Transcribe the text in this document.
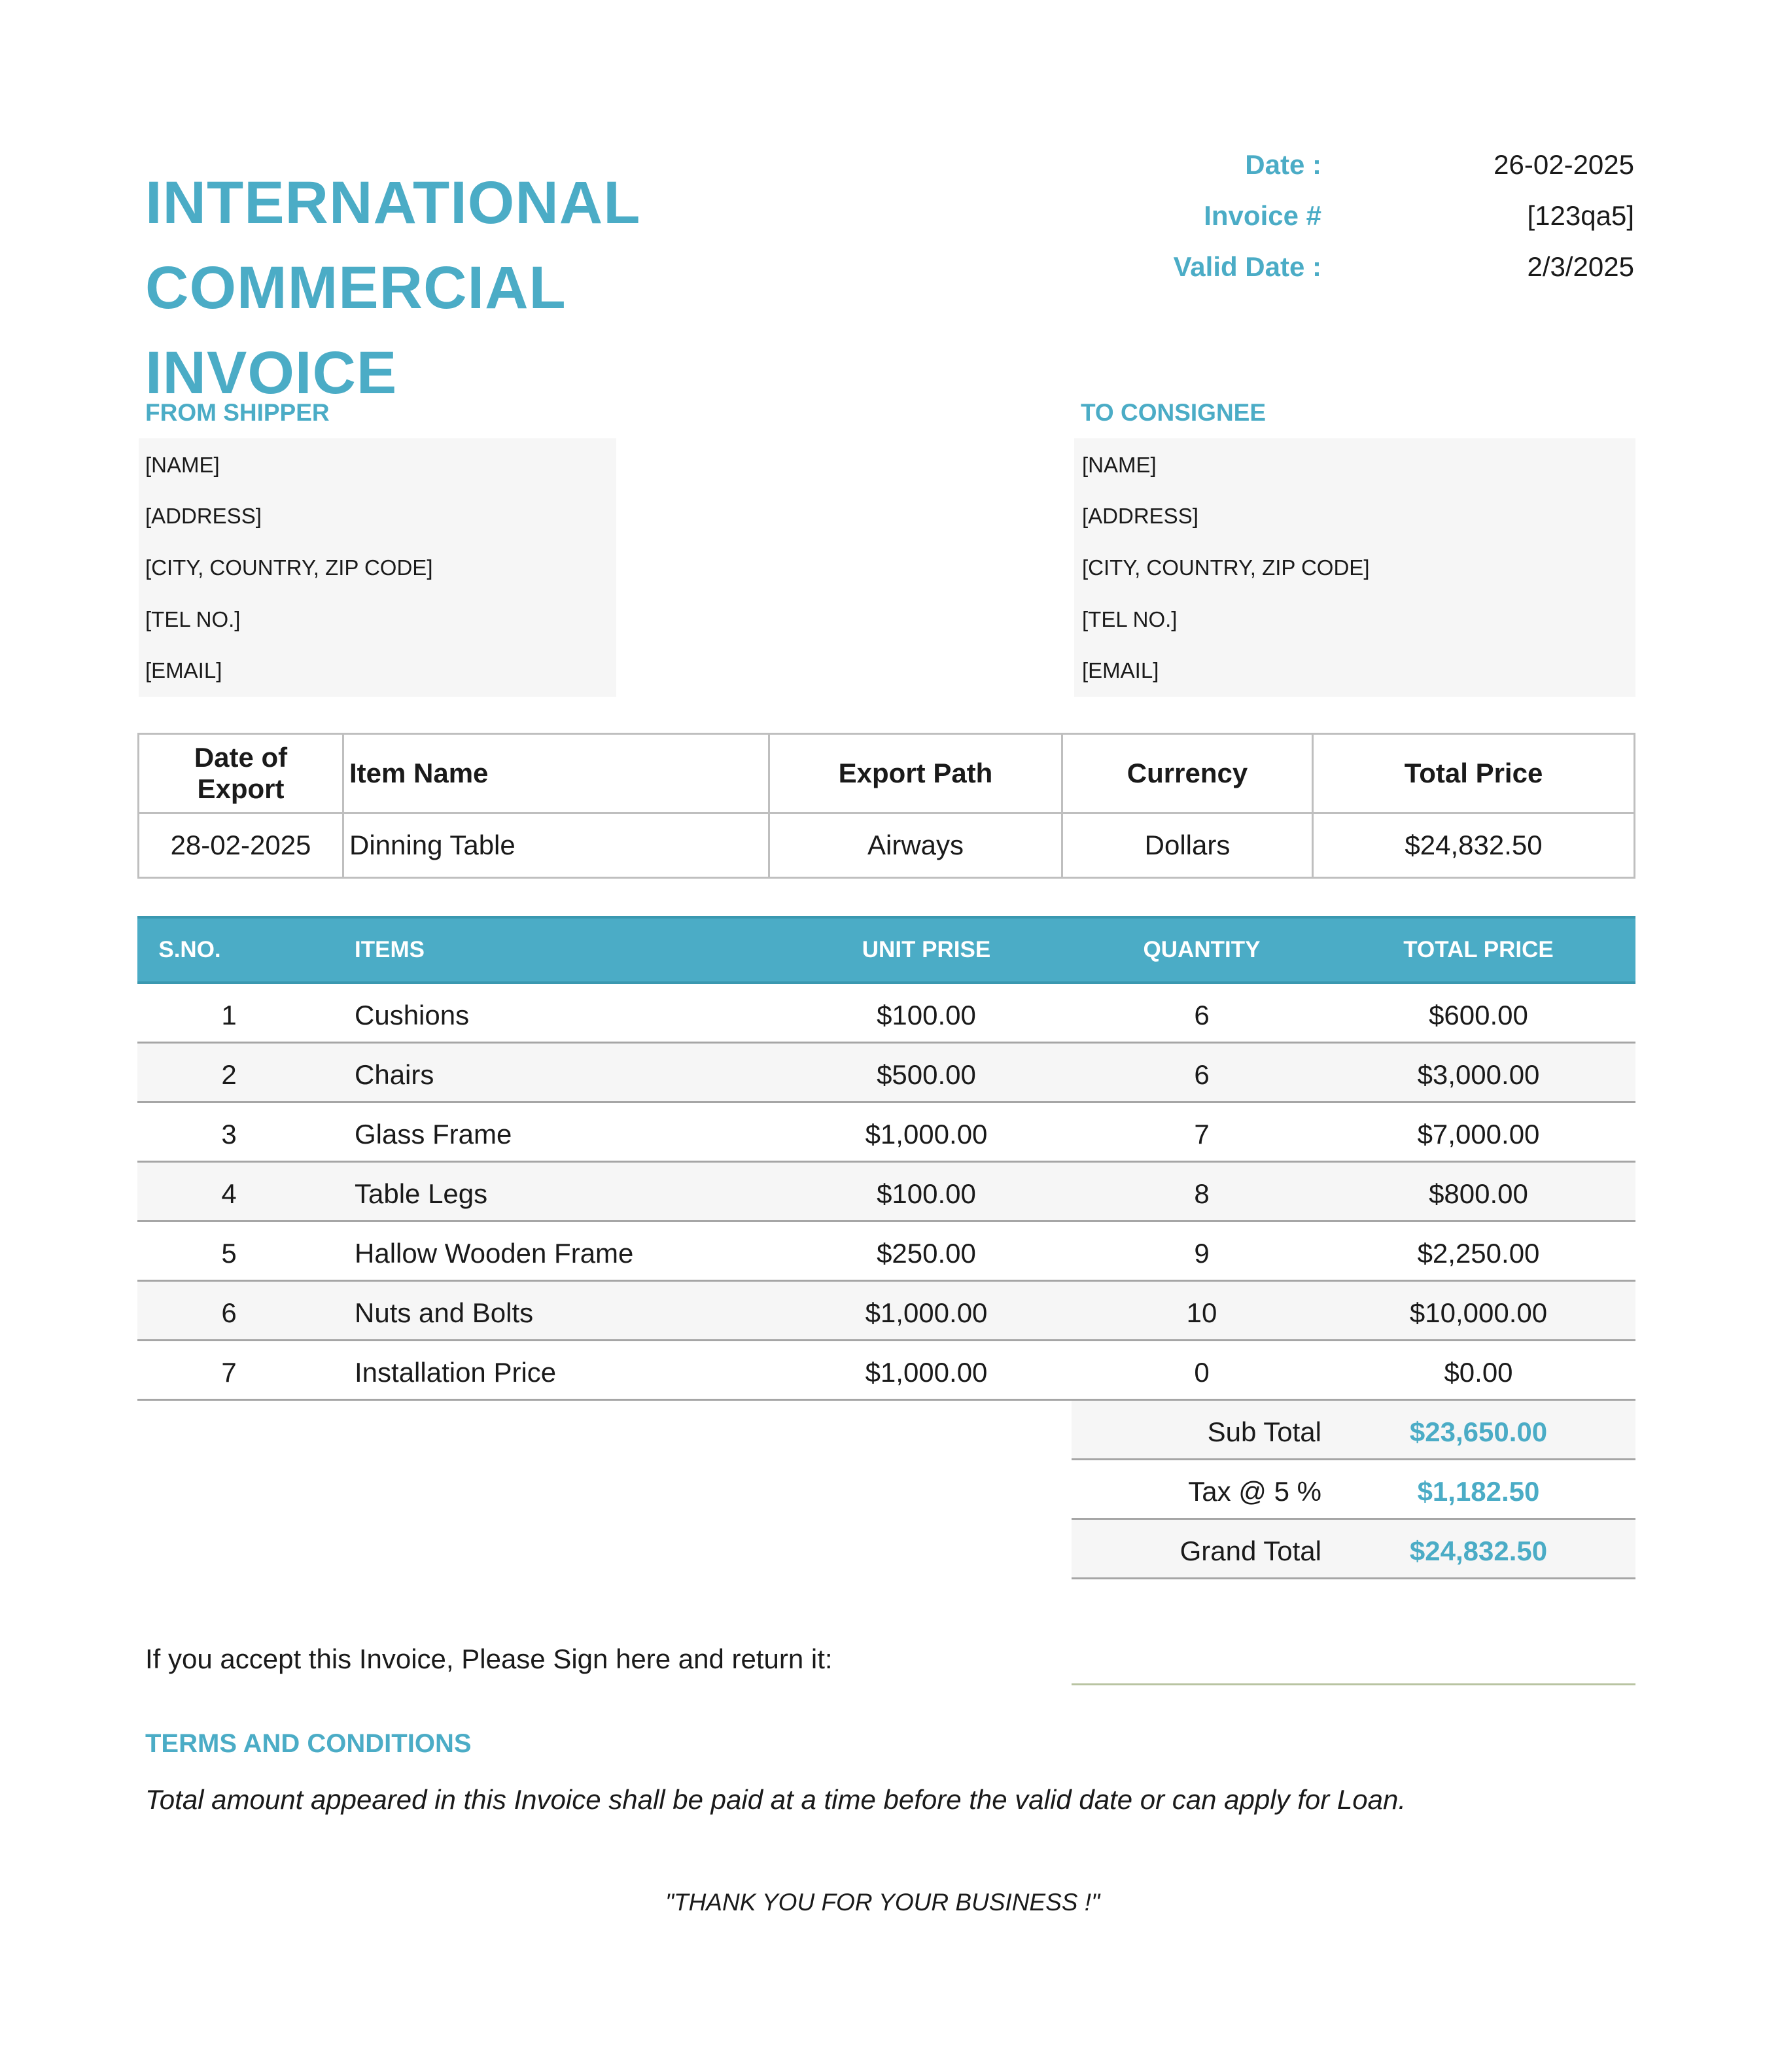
INTERNATIONAL COMMERCIAL
INVOICE
Date :	26-02-2025
Invoice #	[123qa5]
Valid Date :	2/3/2025
FROM SHIPPER
[NAME]
[ADDRESS]
[CITY, COUNTRY, ZIP CODE]
[TEL NO.]
[EMAIL]
TO CONSIGNEE
[NAME]
[ADDRESS]
[CITY, COUNTRY, ZIP CODE]
[TEL NO.]
[EMAIL]
Date of Export	Item Name	Export Path	Currency	Total Price
28-02-2025	Dinning Table	Airways	Dollars	$24,832.50
S.NO.	ITEMS	UNIT PRISE	QUANTITY	TOTAL PRICE
1	Cushions	$100.00	6	$600.00
2	Chairs	$500.00	6	$3,000.00
3	Glass Frame	$1,000.00	7	$7,000.00
4	Table Legs	$100.00	8	$800.00
5	Hallow Wooden Frame	$250.00	9	$2,250.00
6	Nuts and Bolts	$1,000.00	10	$10,000.00
7	Installation Price	$1,000.00	0	$0.00
Sub Total	$23,650.00
Tax @ 5 %	$1,182.50
Grand Total	$24,832.50
If you accept this Invoice, Please Sign here and return it:
TERMS AND CONDITIONS
Total amount appeared in this Invoice shall be paid at a time before the valid date or can apply for Loan.
"THANK YOU FOR YOUR BUSINESS !"
